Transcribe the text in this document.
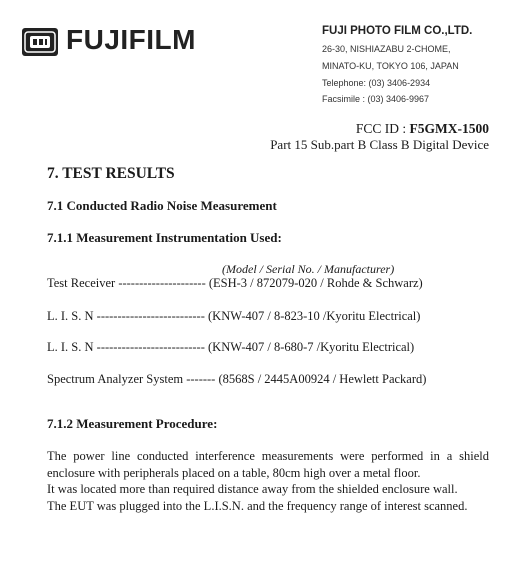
FUJIFILM	FUJI PHOTO FILM CO.,LTD.
26-30, NISHIAZABU 2-CHOME,
MINATO-KU, TOKYO 106, JAPAN
Telephone: (03) 3406-2934
Facsimile : (03) 3406-9967
FCC ID : F5GMX-1500
Part 15 Sub.part B Class B Digital Device
7. TEST RESULTS
7.1 Conducted Radio Noise Measurement
7.1.1 Measurement Instrumentation Used:
(Model / Serial No. / Manufacturer)
Test Receiver --------------------- (ESH-3 / 872079-020 / Rohde & Schwarz)
L. I. S. N -------------------------- (KNW-407 / 8-823-10 /Kyoritu Electrical)
L. I. S. N -------------------------- (KNW-407 / 8-680-7 /Kyoritu Electrical)
Spectrum Analyzer System ------- (8568S / 2445A00924 / Hewlett Packard)
7.1.2 Measurement Procedure:
The power line conducted interference measurements were performed in a shield
enclosure with peripherals placed on a table, 80cm high over a metal floor.
It was located more than required distance away from the shielded enclosure wall.
The EUT was plugged into the L.I.S.N. and the frequency range of interest scanned.
